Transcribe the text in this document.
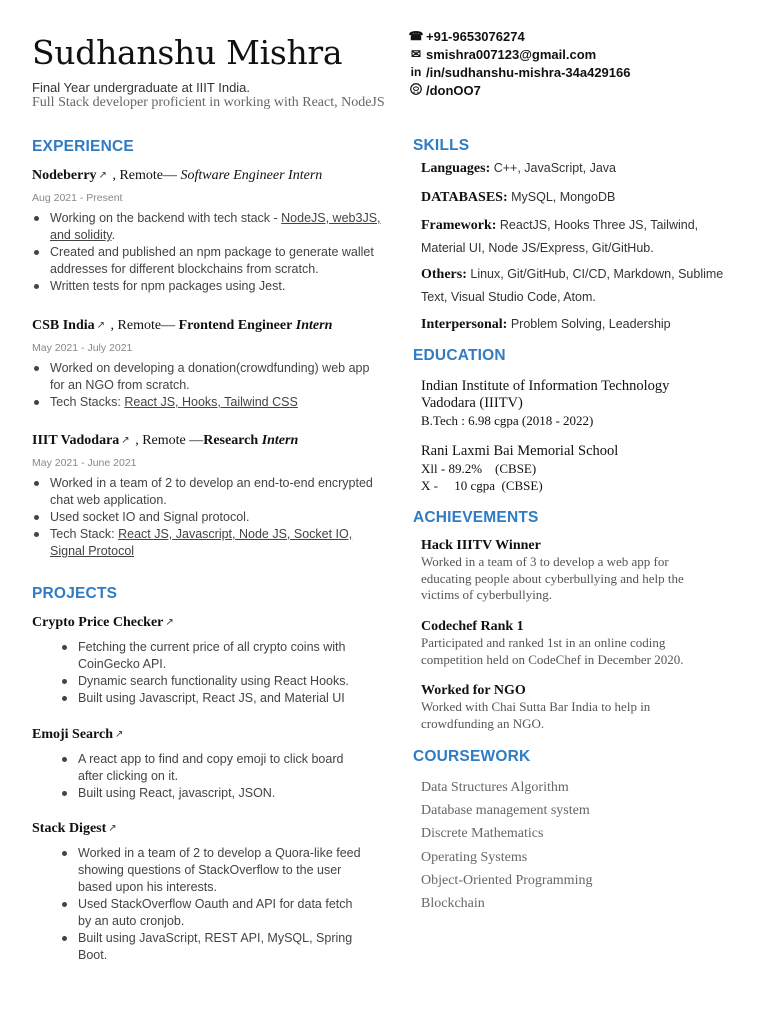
Sudhanshu Mishra
Final Year undergraduate at IIIT India.
Full Stack developer proficient in working with React, NodeJS
☎ +91-9653076274
✉ smishra007123@gmail.com
in /in/sudhanshu-mishra-34a429166
/donOO7
EXPERIENCE
Nodeberry ↗ , Remote— Software Engineer Intern
Aug 2021 - Present
Working on the backend with tech stack - NodeJS, web3JS,
and solidity.
Created and published an npm package to generate wallet
addresses for different blockchains from scratch.
Written tests for npm packages using Jest.
CSB India ↗ , Remote— Frontend Engineer Intern
May 2021 - July 2021
Worked on developing a donation(crowdfunding) web app
for an NGO from scratch.
Tech Stacks: React JS, Hooks, Tailwind CSS
IIIT Vadodara ↗ , Remote —Research Intern
May 2021 - June 2021
Worked in a team of 2 to develop an end-to-end encrypted
chat web application.
Used socket IO and Signal protocol.
Tech Stack: React JS, Javascript, Node JS, Socket IO,
Signal Protocol
PROJECTS
Crypto Price Checker ↗
Fetching the current price of all crypto coins with
CoinGecko API.
Dynamic search functionality using React Hooks.
Built using Javascript, React JS, and Material UI
Emoji Search ↗
A react app to find and copy emoji to click board
after clicking on it.
Built using React, javascript, JSON.
Stack Digest ↗
Worked in a team of 2 to develop a Quora-like feed
showing questions of StackOverflow to the user
based upon his interests.
Used StackOverflow Oauth and API for data fetch
by an auto cronjob.
Built using JavaScript, REST API, MySQL, Spring
Boot.
SKILLS
Languages: C++, JavaScript, Java
DATABASES: MySQL, MongoDB
Framework: ReactJS, Hooks Three JS, Tailwind,
Material UI, Node JS/Express, Git/GitHub.
Others: Linux, Git/GitHub, CI/CD, Markdown, Sublime
Text, Visual Studio Code, Atom.
Interpersonal: Problem Solving, Leadership
EDUCATION
Indian Institute of Information Technology
Vadodara (IIITV)
B.Tech : 6.98 cgpa (2018 - 2022)
Rani Laxmi Bai Memorial School
Xll - 89.2%    (CBSE)
X -     10 cgpa  (CBSE)
ACHIEVEMENTS
Hack IIITV Winner
Worked in a team of 3 to develop a web app for
educating people about cyberbullying and help the
victims of cyberbullying.
Codechef Rank 1
Participated and ranked 1st in an online coding
competition held on CodeChef in December 2020.
Worked for NGO
Worked with Chai Sutta Bar India to help in
crowdfunding an NGO.
COURSEWORK
Data Structures Algorithm
Database management system
Discrete Mathematics
Operating Systems
Object-Oriented Programming
Blockchain
